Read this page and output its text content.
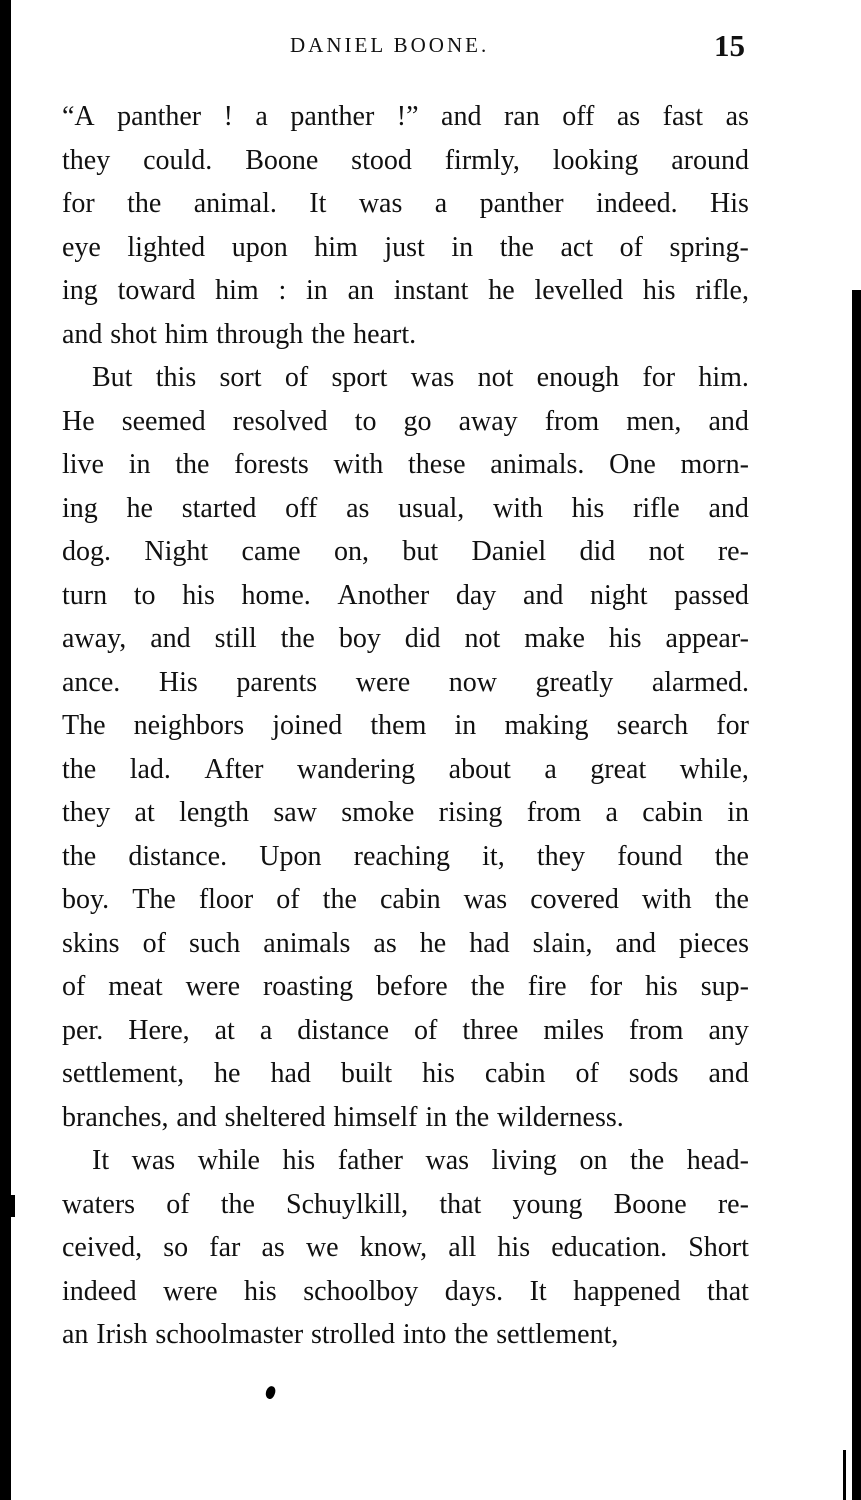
DANIEL BOONE.	15
“A panther ! a panther !” and ran off as fast as
they could. Boone stood firmly, looking around
for the animal. It was a panther indeed. His
eye lighted upon him just in the act of spring-
ing toward him : in an instant he levelled his rifle,
and shot him through the heart.
But this sort of sport was not enough for him.
He seemed resolved to go away from men, and
live in the forests with these animals. One morn-
ing he started off as usual, with his rifle and
dog. Night came on, but Daniel did not re-
turn to his home. Another day and night passed
away, and still the boy did not make his appear-
ance. His parents were now greatly alarmed.
The neighbors joined them in making search for
the lad. After wandering about a great while,
they at length saw smoke rising from a cabin in
the distance. Upon reaching it, they found the
boy. The floor of the cabin was covered with the
skins of such animals as he had slain, and pieces
of meat were roasting before the fire for his sup-
per. Here, at a distance of three miles from any
settlement, he had built his cabin of sods and
branches, and sheltered himself in the wilderness.
It was while his father was living on the head-
waters of the Schuylkill, that young Boone re-
ceived, so far as we know, all his education. Short
indeed were his schoolboy days. It happened that
an Irish schoolmaster strolled into the settlement,
